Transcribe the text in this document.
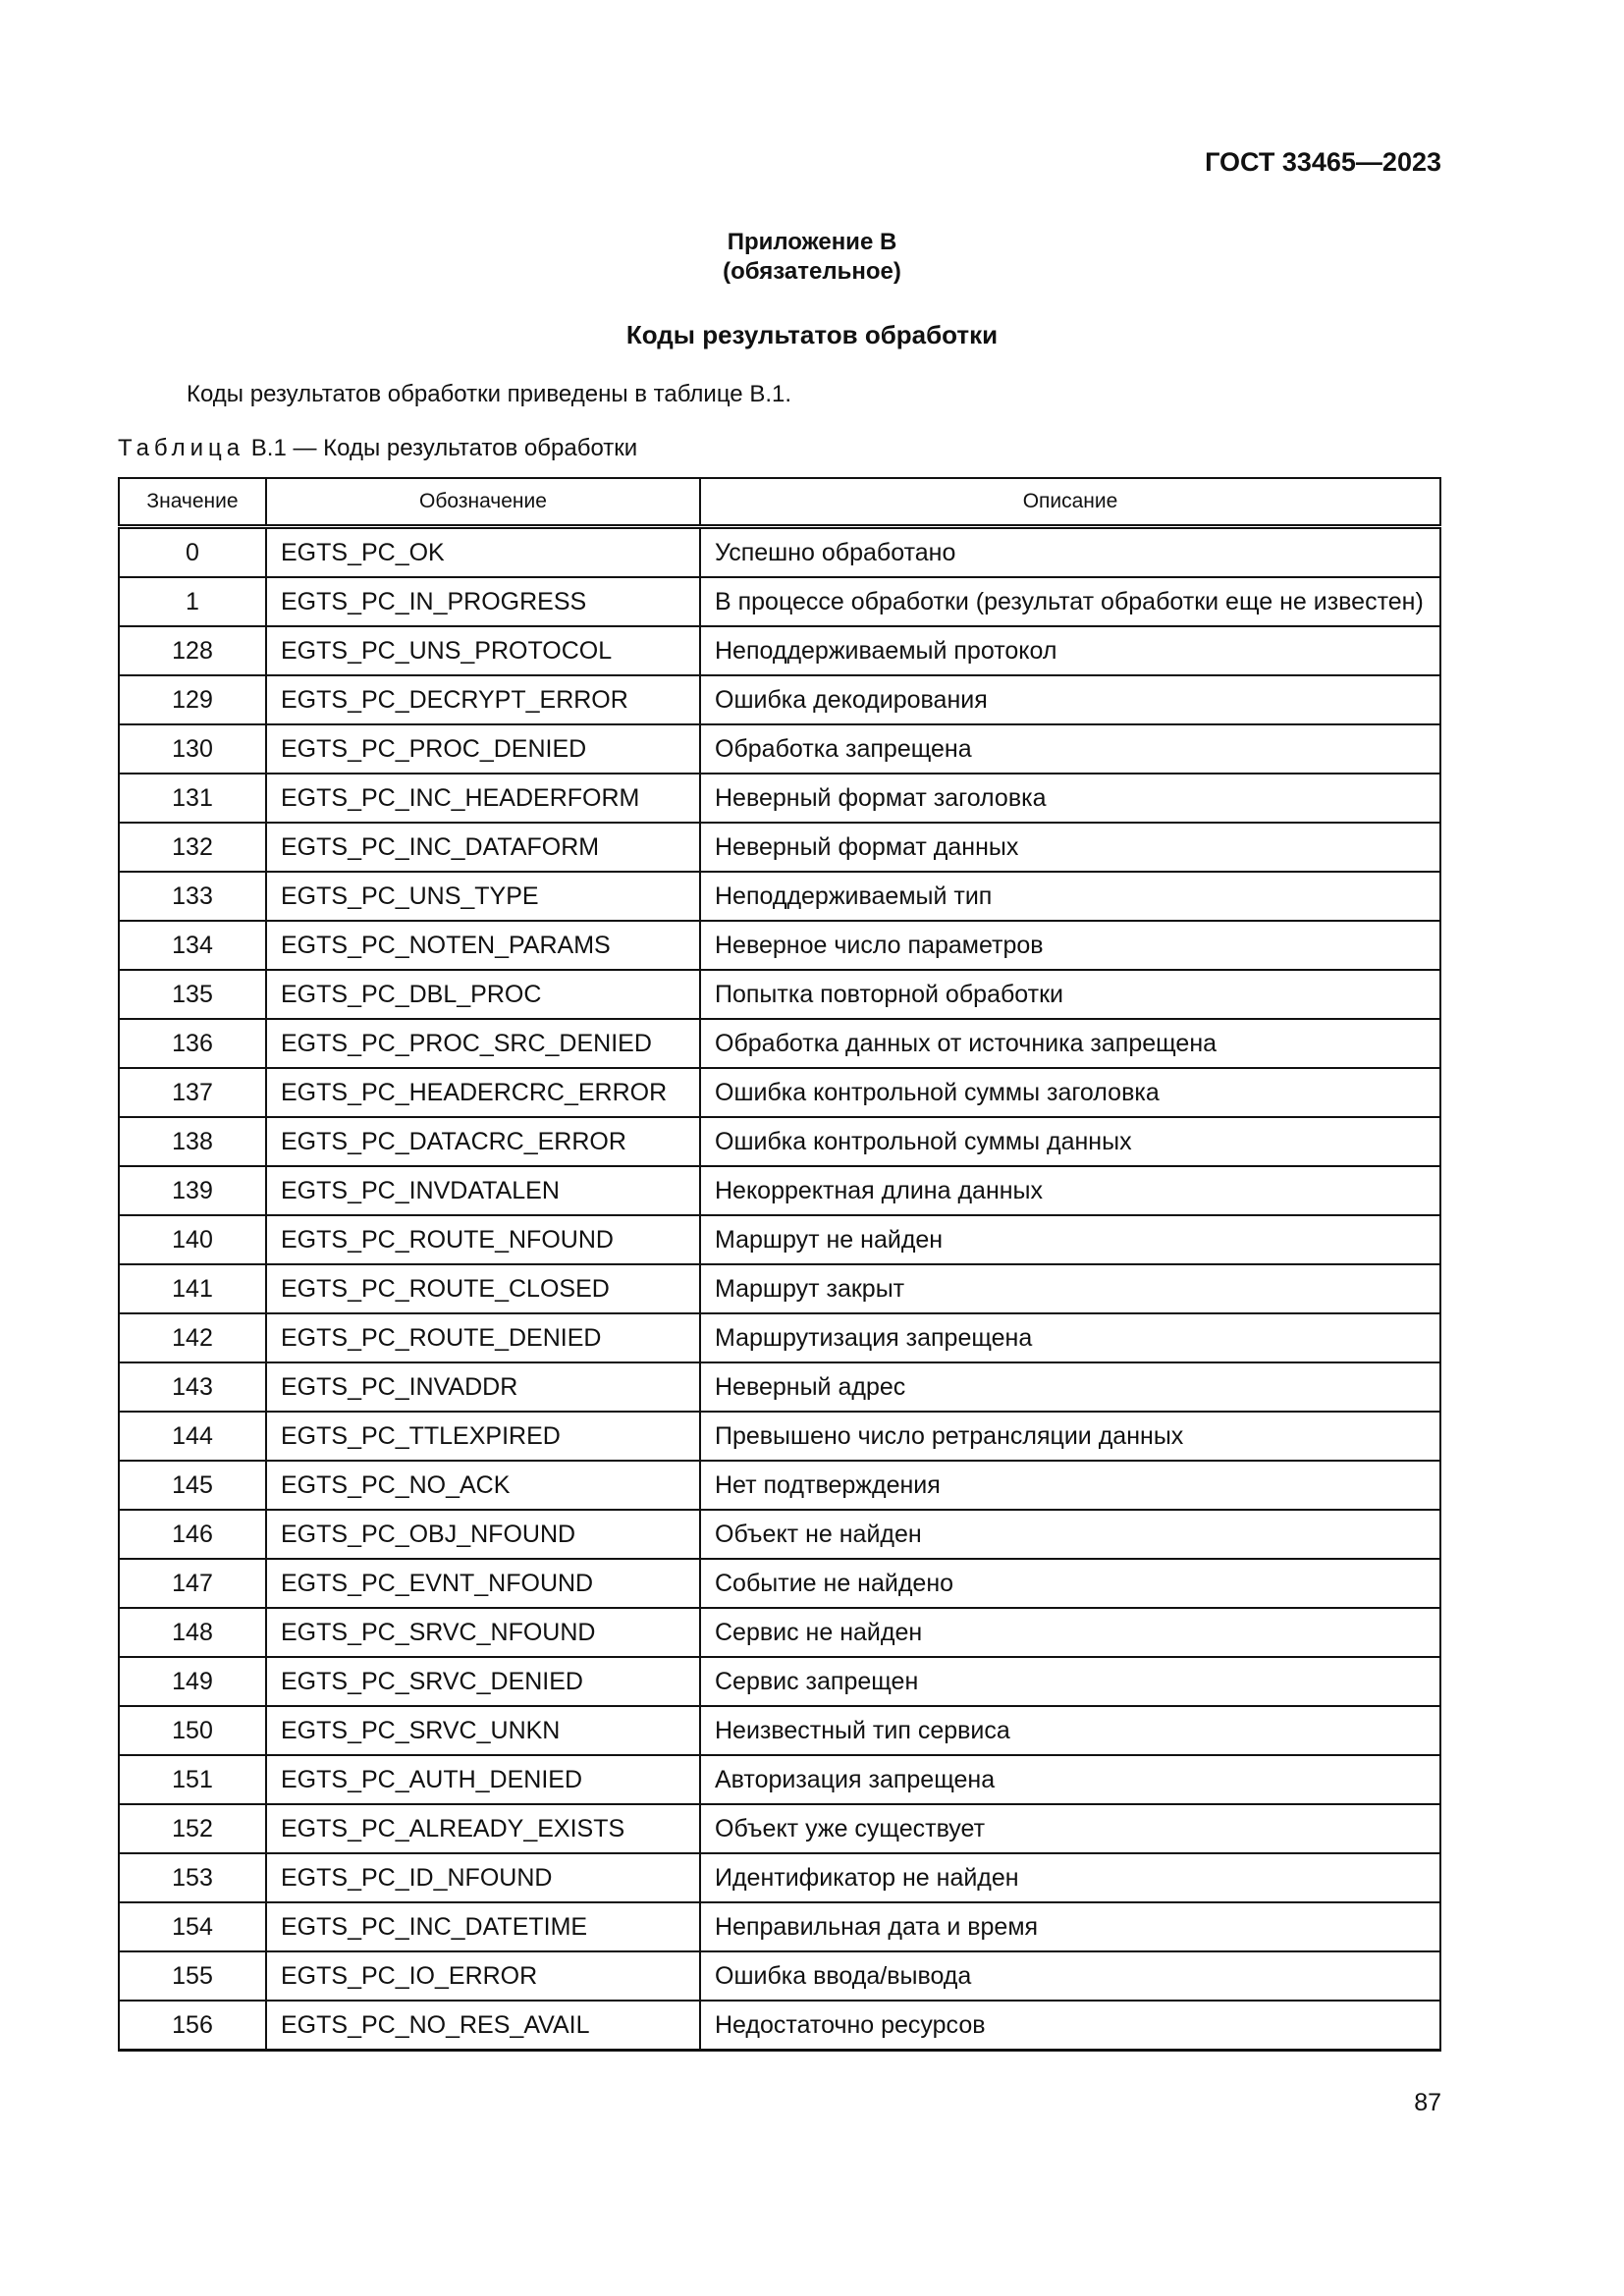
ГОСТ 33465—2023
Приложение В
(обязательное)
Коды результатов обработки
Коды результатов обработки приведены в таблице В.1.
Таблица В.1 — Коды результатов обработки
Значение	Обозначение	Описание
0	EGTS_PC_OK	Успешно обработано
1	EGTS_PC_IN_PROGRESS	В процессе обработки (результат обработки еще не известен)
128	EGTS_PC_UNS_PROTOCOL	Неподдерживаемый протокол
129	EGTS_PC_DECRYPT_ERROR	Ошибка декодирования
130	EGTS_PC_PROC_DENIED	Обработка запрещена
131	EGTS_PC_INC_HEADERFORM	Неверный формат заголовка
132	EGTS_PC_INC_DATAFORM	Неверный формат данных
133	EGTS_PC_UNS_TYPE	Неподдерживаемый тип
134	EGTS_PC_NOTEN_PARAMS	Неверное число параметров
135	EGTS_PC_DBL_PROC	Попытка повторной обработки
136	EGTS_PC_PROC_SRC_DENIED	Обработка данных от источника запрещена
137	EGTS_PC_HEADERCRC_ERROR	Ошибка контрольной суммы заголовка
138	EGTS_PC_DATACRC_ERROR	Ошибка контрольной суммы данных
139	EGTS_PC_INVDATALEN	Некорректная длина данных
140	EGTS_PC_ROUTE_NFOUND	Маршрут не найден
141	EGTS_PC_ROUTE_CLOSED	Маршрут закрыт
142	EGTS_PC_ROUTE_DENIED	Маршрутизация запрещена
143	EGTS_PC_INVADDR	Неверный адрес
144	EGTS_PC_TTLEXPIRED	Превышено число ретрансляции данных
145	EGTS_PC_NO_ACK	Нет подтверждения
146	EGTS_PC_OBJ_NFOUND	Объект не найден
147	EGTS_PC_EVNT_NFOUND	Событие не найдено
148	EGTS_PC_SRVC_NFOUND	Сервис не найден
149	EGTS_PC_SRVC_DENIED	Сервис запрещен
150	EGTS_PC_SRVC_UNKN	Неизвестный тип сервиса
151	EGTS_PC_AUTH_DENIED	Авторизация запрещена
152	EGTS_PC_ALREADY_EXISTS	Объект уже существует
153	EGTS_PC_ID_NFOUND	Идентификатор не найден
154	EGTS_PC_INC_DATETIME	Неправильная дата и время
155	EGTS_PC_IO_ERROR	Ошибка ввода/вывода
156	EGTS_PC_NO_RES_AVAIL	Недостаточно ресурсов
87
